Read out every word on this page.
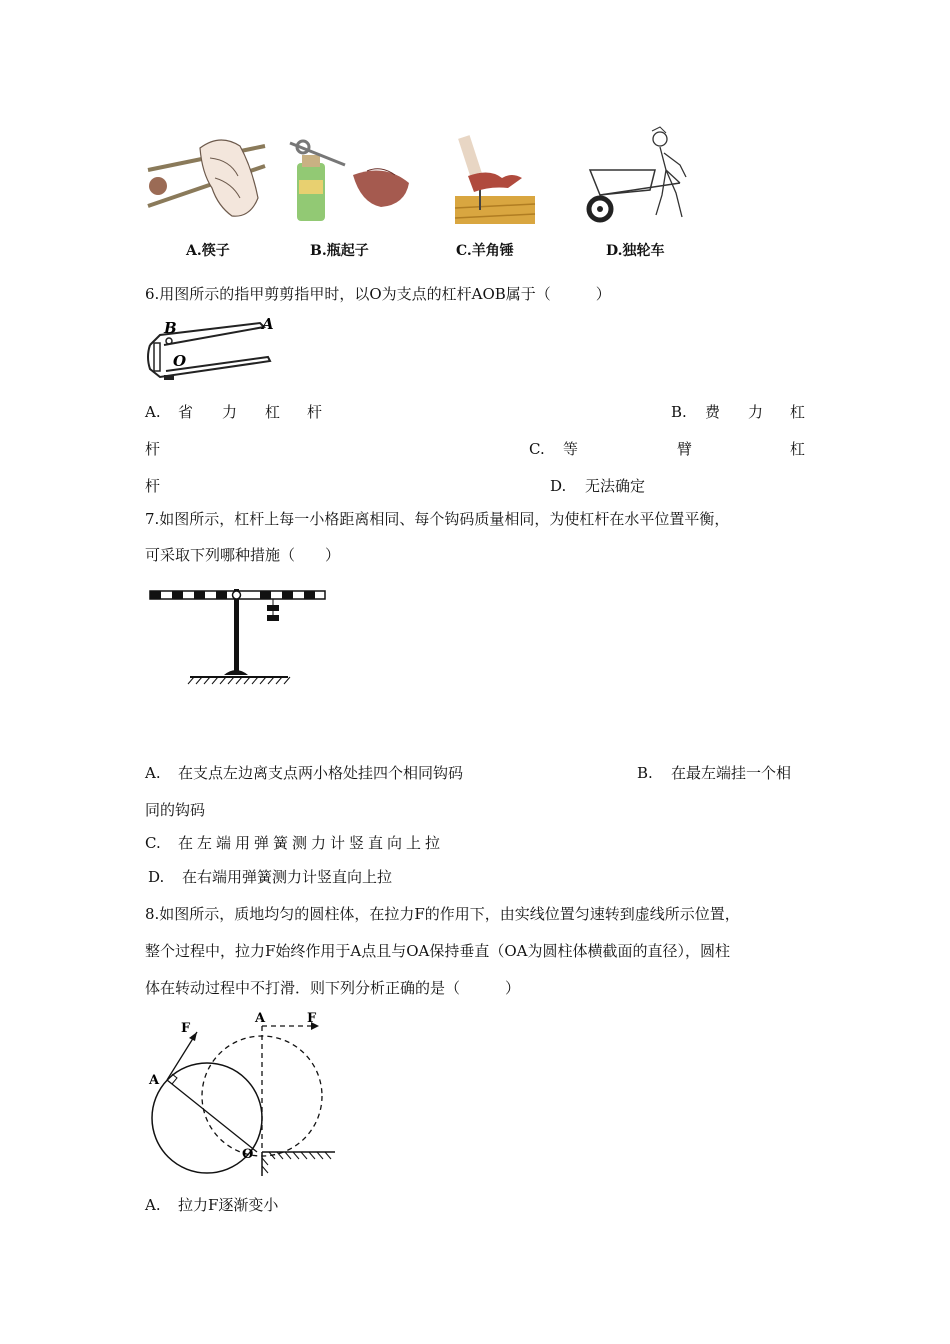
A.筷子	B.瓶起子	C.羊角锤	D.独轮车
6.用图所示的指甲剪剪指甲时，以O为支点的杠杆AOB属于（　　　）
B	A
O
A. 省 力 杠 杆	B. 费 力 杠
杆	C. 等	臂	杠
杆	D. 无法确定
7.如图所示，杠杆上每一小格距离相同、每个钩码质量相同，为使杠杆在水平位置平衡，
可采取下列哪种措施（　　）
A. 在支点左边离支点两小格处挂四个相同钩码	B. 在最左端挂一个相
同的钩码
C. 在左端用弹簧测力计竖直向上拉
D. 在右端用弹簧测力计竖直向上拉
8.如图所示，质地均匀的圆柱体，在拉力F的作用下，由实线位置匀速转到虚线所示位置，
整个过程中，拉力F始终作用于A点且与OA保持垂直（OA为圆柱体横截面的直径），圆柱
体在转动过程中不打滑．则下列分析正确的是（　　　）
F
A
A	F
O
A. 拉力F逐渐变小
